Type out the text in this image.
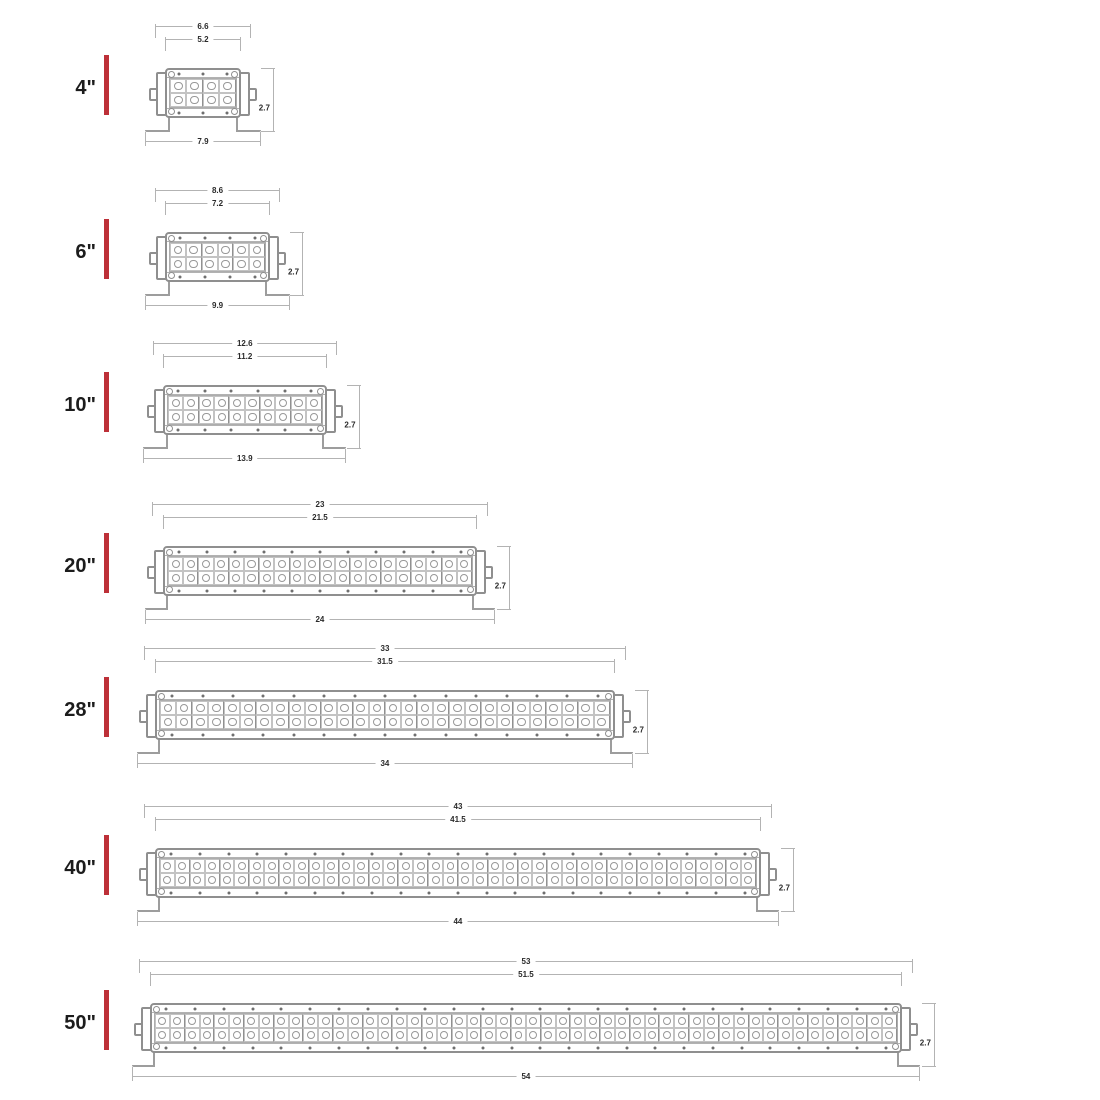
4"
6.6
5.2
7.9
2.7
6"
8.6
7.2
9.9
2.7
10"
12.6
11.2
13.9
2.7
20"
23
21.5
24
2.7
28"
33
31.5
34
2.7
40"
43
41.5
44
2.7
50"
53
51.5
54
2.7
